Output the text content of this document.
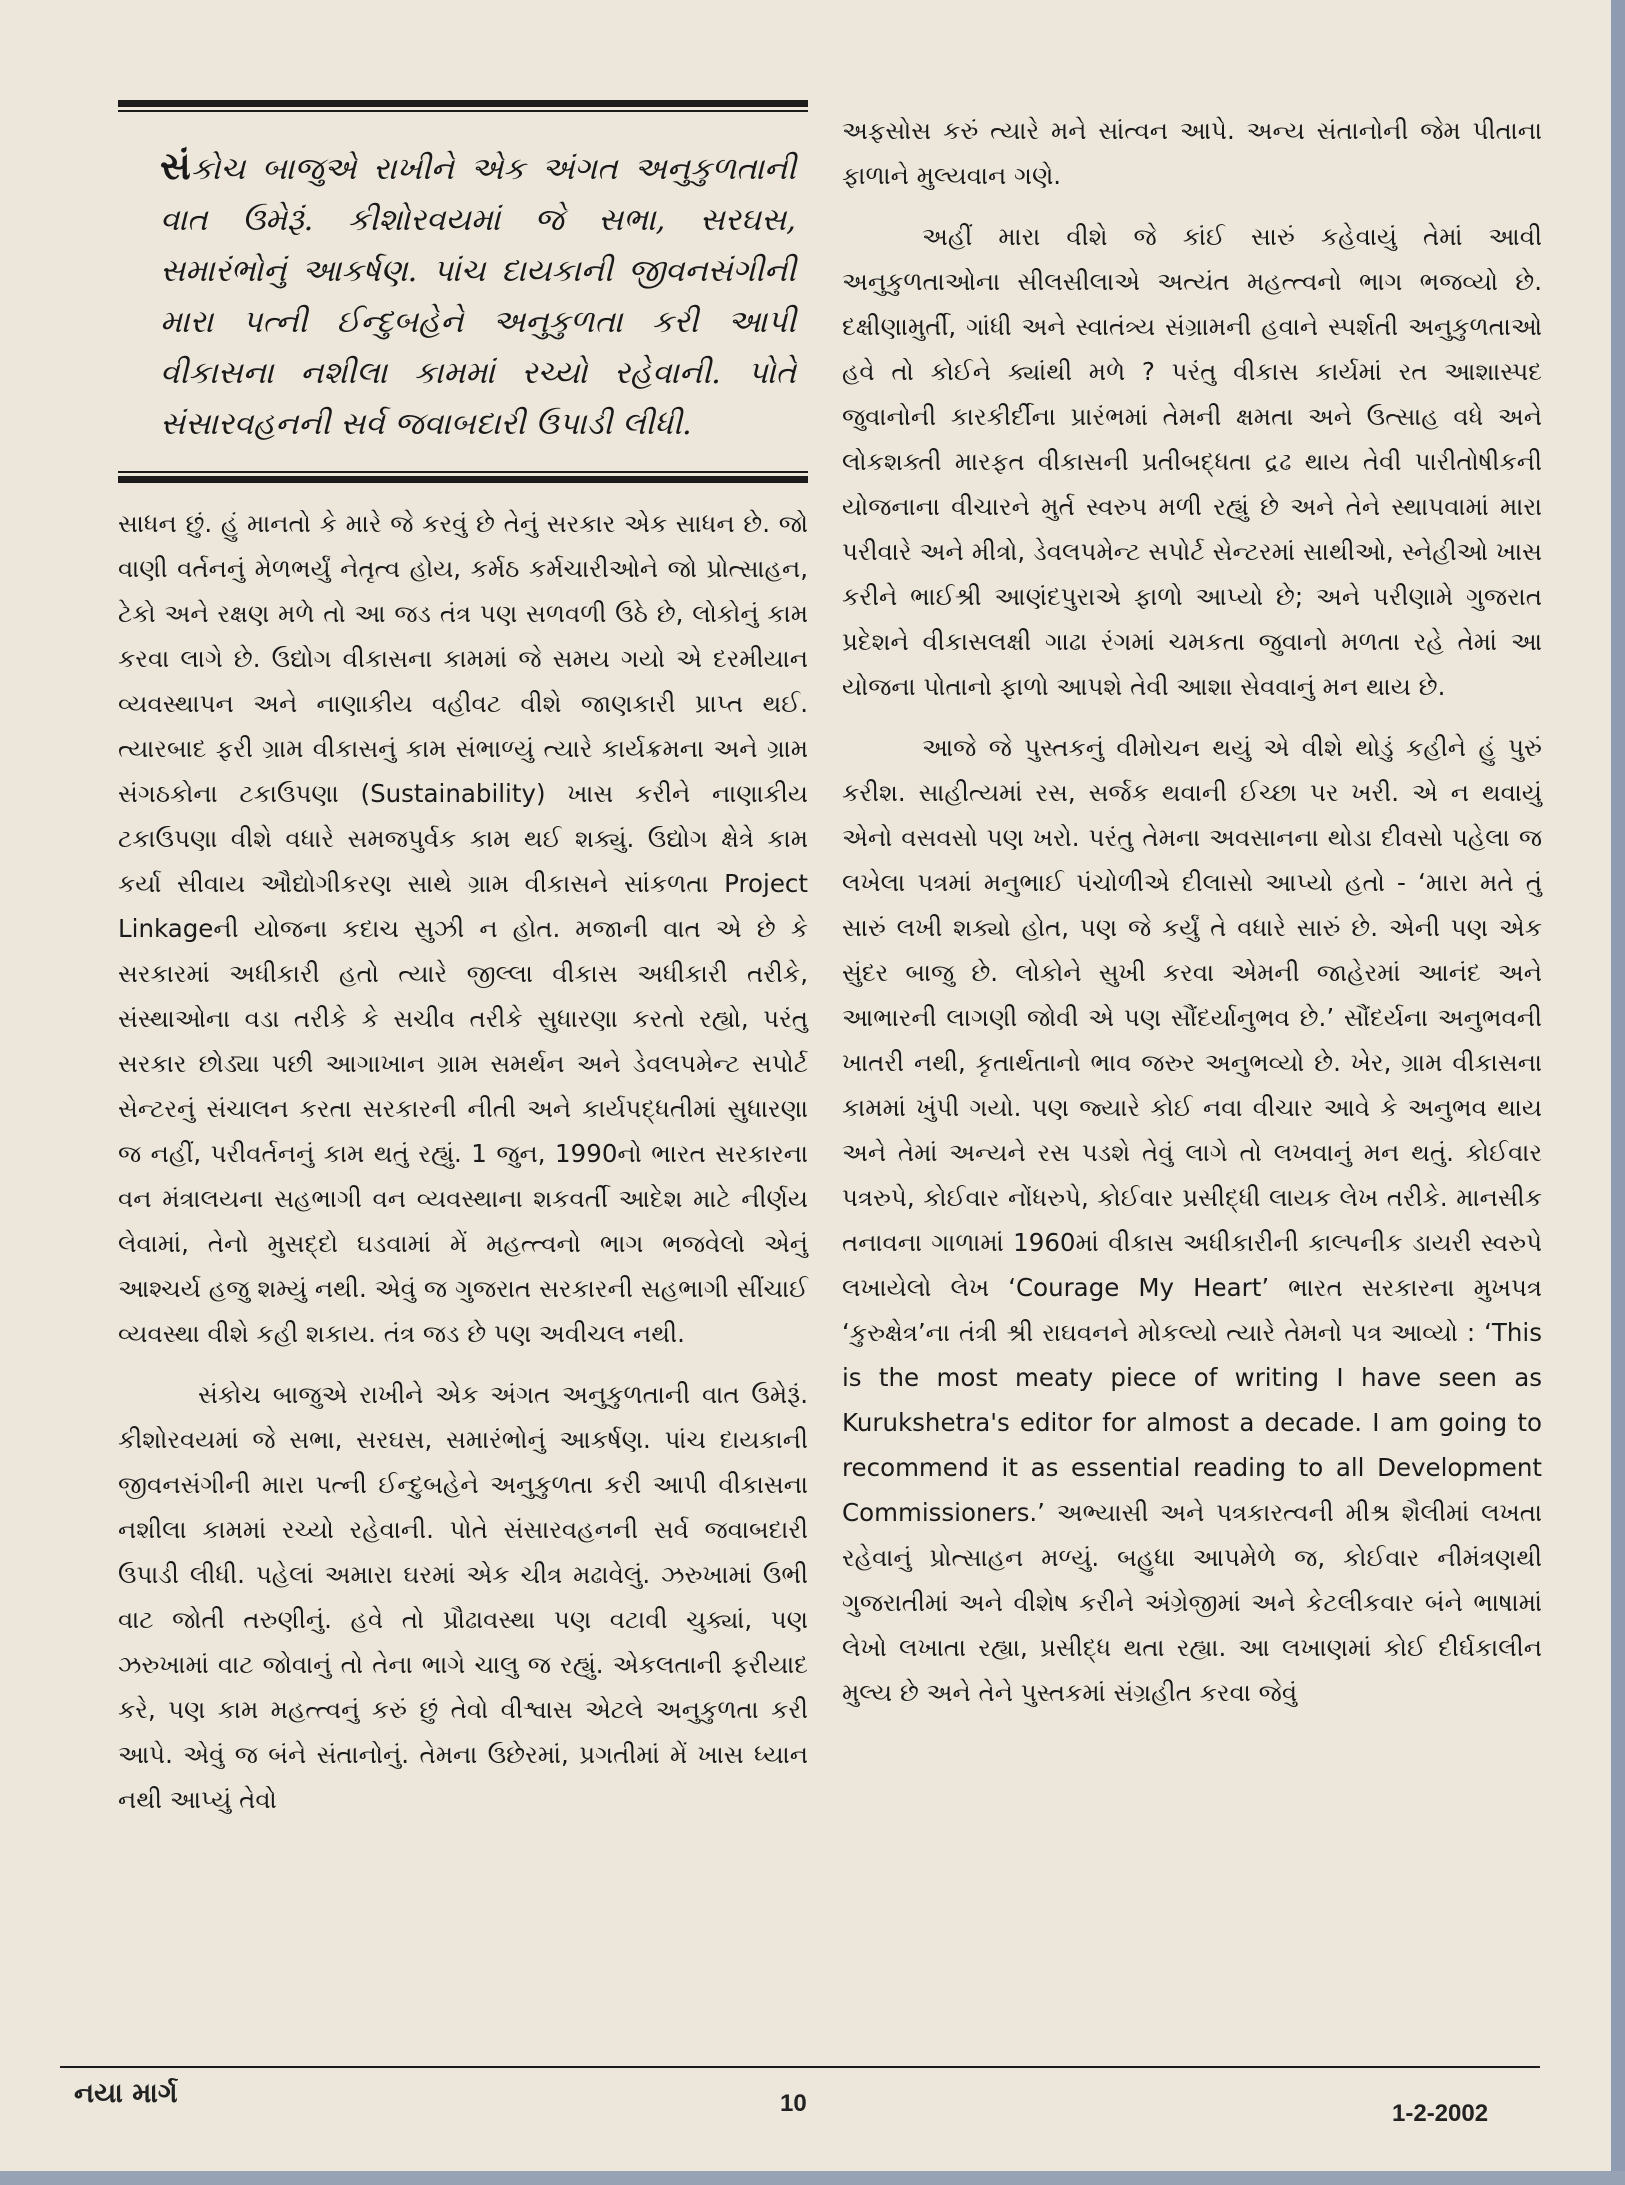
સંકોચ બાજુએ રાખીને એક અંગત અનુકુળતાની વાત ઉમેરૂં. કીશોરવયમાં જે સભા, સરઘસ, સમારંભોનું આકર્ષણ. પાંચ દાયકાની જીવનસંગીની મારા પત્ની ઈન્દુબહેને અનુકુળતા કરી આપી વીકાસના નશીલા કામમાં રચ્યો રહેવાની. પોતે સંસારવહનની સર્વ જવાબદારી ઉપાડી લીધી.

સાધન છું. હું માનતો કે મારે જે કરવું છે તેનું સરકાર એક સાધન છે. જો વાણી વર્તનનું મેળભર્યું નેતૃત્વ હોય, કર્મઠ કર્મચારીઓને જો પ્રોત્સાહન, ટેકો અને રક્ષણ મળે તો આ જડ તંત્ર પણ સળવળી ઉઠે છે, લોકોનું કામ કરવા લાગે છે. ઉદ્યોગ વીકાસના કામમાં જે સમય ગયો એ દરમીયાન વ્યવસ્થાપન અને નાણાકીય વહીવટ વીશે જાણકારી પ્રાપ્ત થઈ. ત્યારબાદ ફરી ગ્રામ વીકાસનું કામ સંભાળ્યું ત્યારે કાર્યક્રમના અને ગ્રામ સંગઠકોના ટકાઉપણા (Sustainability) ખાસ કરીને નાણાકીય ટકાઉપણા વીશે વધારે સમજપુર્વક કામ થઈ શક્યું. ઉદ્યોગ ક્ષેત્રે કામ કર્યા સીવાય ઔદ્યોગીકરણ સાથે ગ્રામ વીકાસને સાંકળતા Project Linkageની યોજના કદાચ સુઝી ન હોત. મજાની વાત એ છે કે સરકારમાં અધીકારી હતો ત્યારે જીલ્લા વીકાસ અધીકારી તરીકે, સંસ્થાઓના વડા તરીકે કે સચીવ તરીકે સુધારણા કરતો રહ્યો, પરંતુ સરકાર છોડ્યા પછી આગાખાન ગ્રામ સમર્થન અને ડેવલપમેન્ટ સપોર્ટ સેન્ટરનું સંચાલન કરતા સરકારની નીતી અને કાર્યપદ્ધતીમાં સુધારણા જ નહીં, પરીવર્તનનું કામ થતું રહ્યું. 1 જુન, 1990નો ભારત સરકારના વન મંત્રાલયના સહભાગી વન વ્યવસ્થાના શકવર્તી આદેશ માટે નીર્ણય લેવામાં, તેનો મુસદ્દો ઘડવામાં મેં મહત્ત્વનો ભાગ ભજવેલો એનું આશ્ચર્ય હજુ શમ્યું નથી. એવું જ ગુજરાત સરકારની સહભાગી સીંચાઈ વ્યવસ્થા વીશે કહી શકાય. તંત્ર જડ છે પણ અવીચલ નથી.

સંકોચ બાજુએ રાખીને એક અંગત અનુકુળતાની વાત ઉમેરૂં. કીશોરવયમાં જે સભા, સરઘસ, સમારંભોનું આકર્ષણ. પાંચ દાયકાની જીવનસંગીની મારા પત્ની ઈન્દુબહેને અનુકુળતા કરી આપી વીકાસના નશીલા કામમાં રચ્યો રહેવાની. પોતે સંસારવહનની સર્વ જવાબદારી ઉપાડી લીધી. પહેલાં અમારા ઘરમાં એક ચીત્ર મઢાવેલું. ઝરુખામાં ઉભી વાટ જોતી તરુણીનું. હવે તો પ્રૌઢાવસ્થા પણ વટાવી ચુક્યાં, પણ ઝરુખામાં વાટ જોવાનું તો તેના ભાગે ચાલુ જ રહ્યું. એકલતાની ફરીયાદ કરે, પણ કામ મહત્ત્વનું કરું છું તેવો વીશ્વાસ એટલે અનુકુળતા કરી આપે. એવું જ બંને સંતાનોનું. તેમના ઉછેરમાં, પ્રગતીમાં મેં ખાસ ધ્યાન નથી આપ્યું તેવો

અફસોસ કરું ત્યારે મને સાંત્વન આપે. અન્ય સંતાનોની જેમ પીતાના ફાળાને મુલ્યવાન ગણે.

અહીં મારા વીશે જે કાંઈ સારું કહેવાયું તેમાં આવી અનુકુળતાઓના સીલસીલાએ અત્યંત મહત્ત્વનો ભાગ ભજવ્યો છે. દક્ષીણામુર્તી, ગાંધી અને સ્વાતંત્ર્ય સંગ્રામની હવાને સ્પર્શતી અનુકુળતાઓ હવે તો કોઈને ક્યાંથી મળે ? પરંતુ વીકાસ કાર્યમાં રત આશાસ્પદ જુવાનોની કારકીર્દીના પ્રારંભમાં તેમની ક્ષમતા અને ઉત્સાહ વધે અને લોકશક્તી મારફત વીકાસની પ્રતીબદ્ધતા દ્રઢ થાય તેવી પારીતોષીકની યોજનાના વીચારને મુર્ત સ્વરુપ મળી રહ્યું છે અને તેને સ્થાપવામાં મારા પરીવારે અને મીત્રો, ડેવલપમેન્ટ સપોર્ટ સેન્ટરમાં સાથીઓ, સ્નેહીઓ ખાસ કરીને ભાઈશ્રી આણંદપુરાએ ફાળો આપ્યો છે; અને પરીણામે ગુજરાત પ્રદેશને વીકાસલક્ષી ગાઢા રંગમાં ચમકતા જુવાનો મળતા રહે તેમાં આ યોજના પોતાનો ફાળો આપશે તેવી આશા સેવવાનું મન થાય છે.

આજે જે પુસ્તકનું વીમોચન થયું એ વીશે થોડું કહીને હું પુરું કરીશ. સાહીત્યમાં રસ, સર્જક થવાની ઈચ્છા પર ખરી. એ ન થવાયું એનો વસવસો પણ ખરો. પરંતુ તેમના અવસાનના થોડા દીવસો પહેલા જ લખેલા પત્રમાં મનુભાઈ પંચોળીએ દીલાસો આપ્યો હતો - ‘મારા મતે તું સારું લખી શક્યો હોત, પણ જે કર્યું તે વધારે સારું છે. એની પણ એક સુંદર બાજુ છે. લોકોને સુખી કરવા એમની જાહેરમાં આનંદ અને આભારની લાગણી જોવી એ પણ સૌંદર્યાનુભવ છે.’ સૌંદર્યના અનુભવની ખાતરી નથી, કૃતાર્થતાનો ભાવ જરુર અનુભવ્યો છે. ખેર, ગ્રામ વીકાસના કામમાં ખુંપી ગયો. પણ જ્યારે કોઈ નવા વીચાર આવે કે અનુભવ થાય અને તેમાં અન્યને રસ પડશે તેવું લાગે તો લખવાનું મન થતું. કોઈવાર પત્રરુપે, કોઈવાર નોંધરુપે, કોઈવાર પ્રસીદ્ધી લાયક લેખ તરીકે. માનસીક તનાવના ગાળામાં 1960માં વીકાસ અધીકારીની કાલ્પનીક ડાયરી સ્વરુપે લખાયેલો લેખ ‘Courage My Heart’ ભારત સરકારના મુખપત્ર ‘કુરુક્ષેત્ર’ના તંત્રી શ્રી રાઘવનને મોકલ્યો ત્યારે તેમનો પત્ર આવ્યો : ‘This is the most meaty piece of writing I have seen as Kurukshetra's editor for almost a decade. I am going to recommend it as essential reading to all Development Commissioners.’ અભ્યાસી અને પત્રકારત્વની મીશ્ર શૈલીમાં લખતા રહેવાનું પ્રોત્સાહન મળ્યું. બહુધા આપમેળે જ, કોઈવાર નીમંત્રણથી ગુજરાતીમાં અને વીશેષ કરીને અંગ્રેજીમાં અને કેટલીકવાર બંને ભાષામાં લેખો લખાતા રહ્યા, પ્રસીદ્ધ થતા રહ્યા. આ લખાણમાં કોઈ દીર્ઘકાલીન મુલ્ય છે અને તેને પુસ્તકમાં સંગ્રહીત કરવા જેવું

નયા માર્ગ	10	1-2-2002
